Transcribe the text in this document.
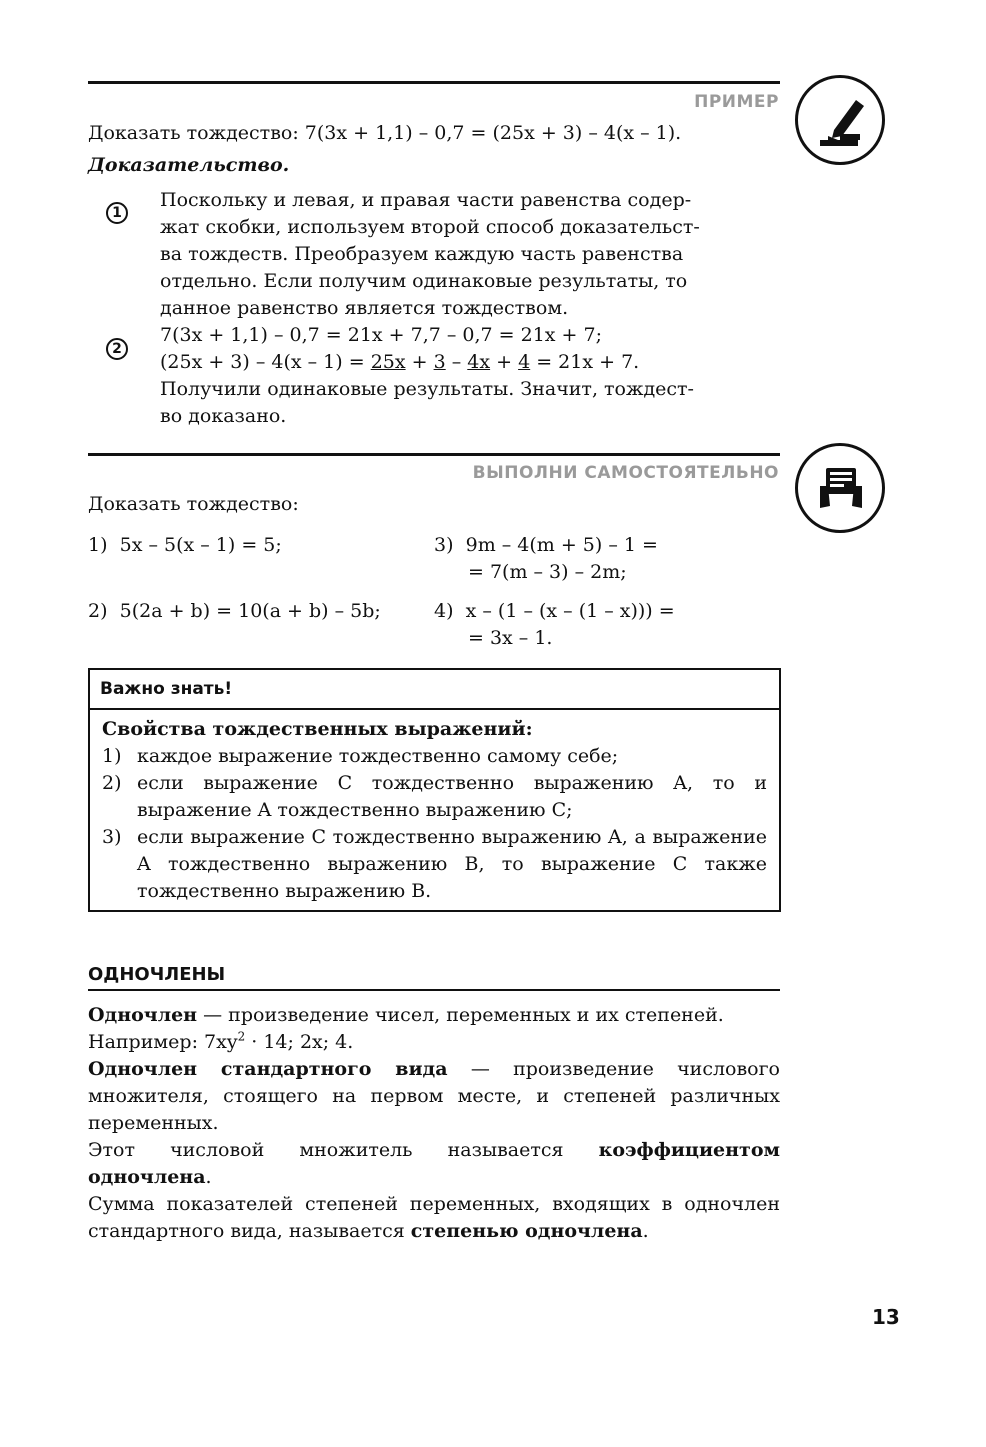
ПРИМЕР
Доказать тождество: 7(3x + 1,1) – 0,7 = (25x + 3) – 4(x – 1).
Доказательство.
1
Поскольку и левая, и правая части равенства содер-
жат скобки, используем второй способ доказательст-
ва тождеств. Преобразуем каждую часть равенства
отдельно. Если получим одинаковые результаты, то
данное равенство является тождеством.
2
7(3x + 1,1) – 0,7 = 21x + 7,7 – 0,7 = 21x + 7;
(25x + 3) – 4(x – 1) = 25x + 3 – 4x + 4 = 21x + 7.
Получили одинаковые результаты. Значит, тождест-
во доказано.
ВЫПОЛНИ САМОСТОЯТЕЛЬНО
Доказать тождество:
1) 5x – 5(x – 1) = 5;	3) 9m – 4(m + 5) – 1 =
= 7(m – 3) – 2m;
2) 5(2a + b) = 10(a + b) – 5b;	4) x – (1 – (x – (1 – x))) =
= 3x – 1.
Важно знать!
Свойства тождественных выражений:
1) каждое выражение тождественно самому себе;
2) если выражение C тождественно выражению A, то и выражение A тождественно выражению C;
3) если выражение C тождественно выражению A, а выражение A тождественно выражению B, то выражение C также тождественно выражению B.
ОДНОЧЛЕНЫ
Одночлен — произведение чисел, переменных и их степеней.
Например: $7xy^2 \cdot 14$; 2x; 4.
Одночлен стандартного вида — произведение числового множителя, стоящего на первом месте, и степеней различных переменных.
Этот числовой множитель называется коэффициентом одночлена.
Сумма показателей степеней переменных, входящих в одночлен стандартного вида, называется степенью одночлена.
13
